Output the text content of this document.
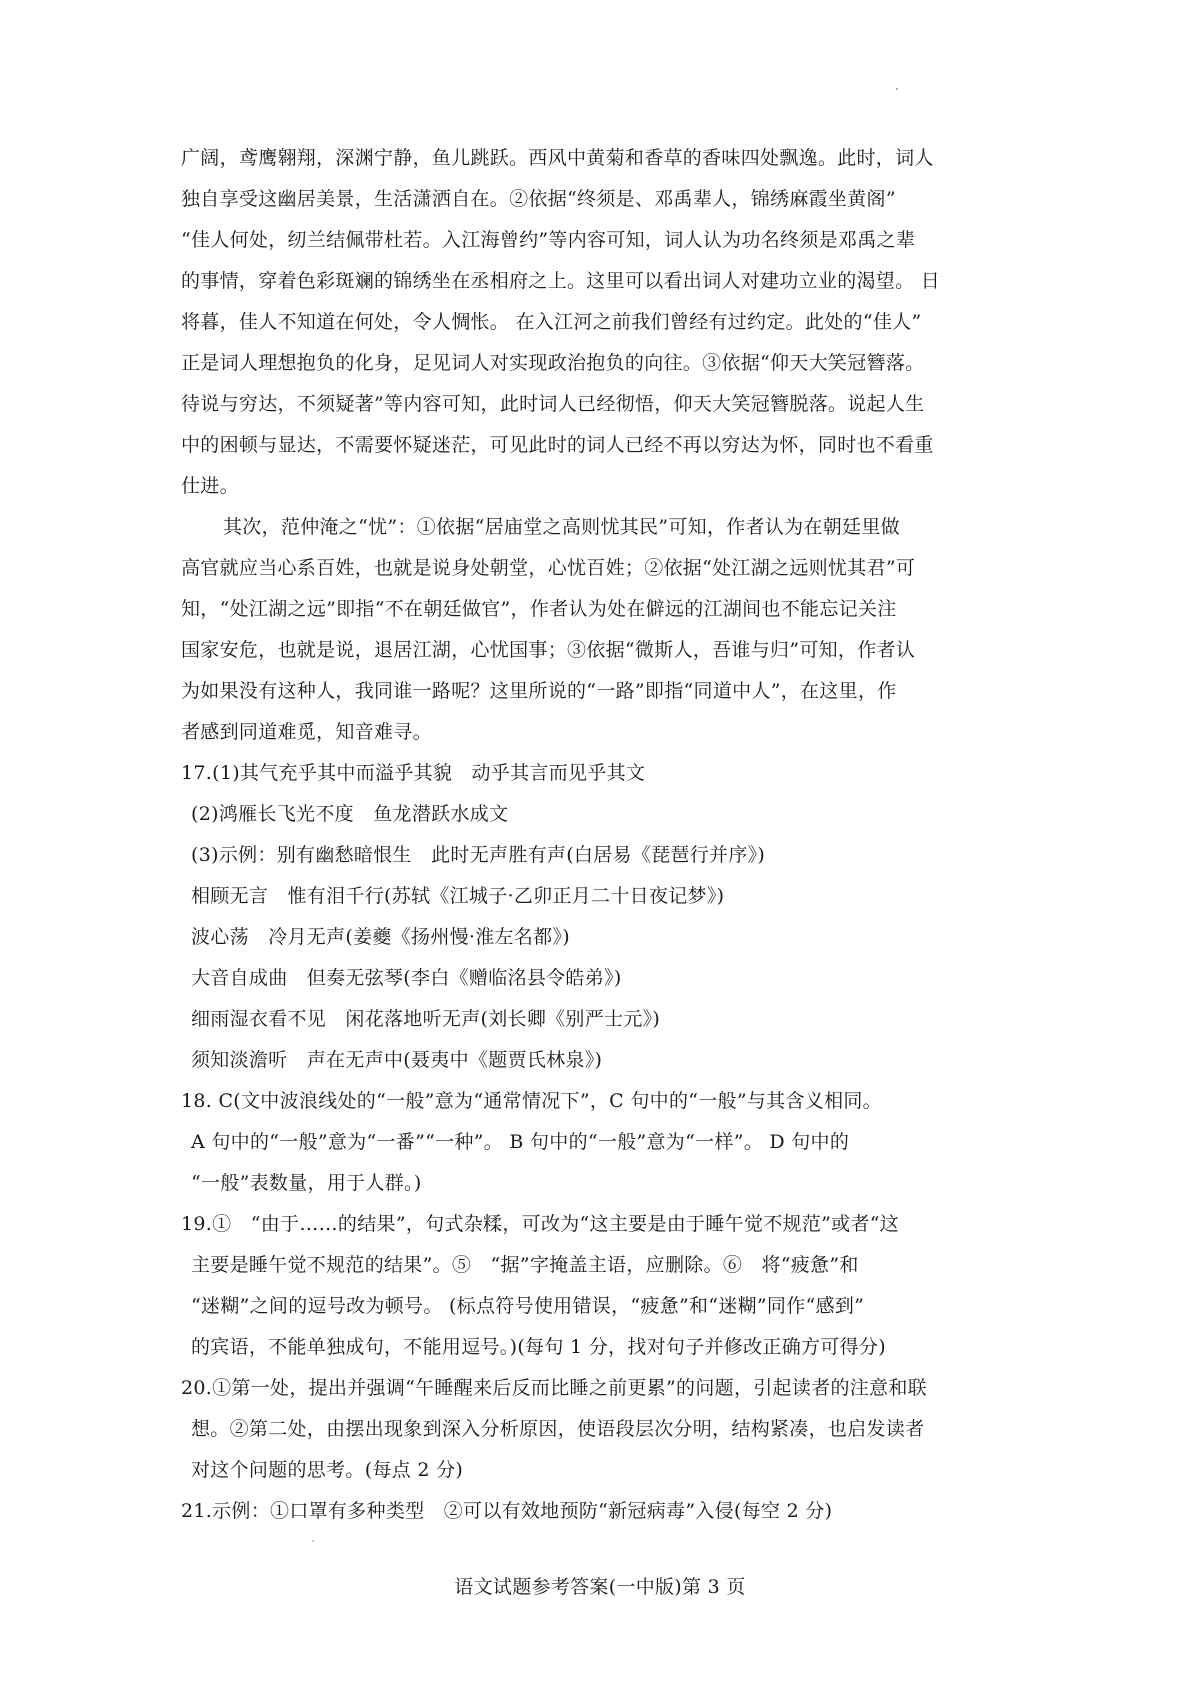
广阔，鸢鹰翱翔，深渊宁静，鱼儿跳跃。西风中黄菊和香草的香味四处飘逸。此时，词人
独自享受这幽居美景，生活潇洒自在。②依据“终须是、邓禹辈人，锦绣麻霞坐黄阁”
“佳人何处，纫兰结佩带杜若。入江海曾约”等内容可知，词人认为功名终须是邓禹之辈
的事情，穿着色彩斑斓的锦绣坐在丞相府之上。这里可以看出词人对建功立业的渴望。 日
将暮，佳人不知道在何处，令人惆怅。 在入江河之前我们曾经有过约定。此处的“佳人”
正是词人理想抱负的化身，足见词人对实现政治抱负的向往。③依据“仰天大笑冠簪落。
待说与穷达，不须疑著”等内容可知，此时词人已经彻悟，仰天大笑冠簪脱落。说起人生
中的困顿与显达，不需要怀疑迷茫，可见此时的词人已经不再以穷达为怀，同时也不看重
仕进。
其次，范仲淹之“忧”：①依据“居庙堂之高则忧其民”可知，作者认为在朝廷里做
高官就应当心系百姓，也就是说身处朝堂，心忧百姓；②依据“处江湖之远则忧其君”可
知，“处江湖之远”即指“不在朝廷做官”，作者认为处在僻远的江湖间也不能忘记关注
国家安危，也就是说，退居江湖，心忧国事；③依据“微斯人，吾谁与归”可知，作者认
为如果没有这种人，我同谁一路呢？这里所说的“一路”即指“同道中人”，在这里，作
者感到同道难觅，知音难寻。
17.(1)其气充乎其中而溢乎其貌　动乎其言而见乎其文
(2)鸿雁长飞光不度　鱼龙潜跃水成文
(3)示例：别有幽愁暗恨生　此时无声胜有声(白居易《琵琶行并序》)
相顾无言　惟有泪千行(苏轼《江城子·乙卯正月二十日夜记梦》)
波心荡　冷月无声(姜夔《扬州慢·淮左名都》)
大音自成曲　但奏无弦琴(李白《赠临洺县令皓弟》)
细雨湿衣看不见　闲花落地听无声(刘长卿《别严士元》)
须知淡澹听　声在无声中(聂夷中《题贾氏林泉》)
18. C(文中波浪线处的“一般”意为“通常情况下”，C 句中的“一般”与其含义相同。
A 句中的“一般”意为“一番”“一种”。 B 句中的“一般”意为“一样”。 D 句中的
“一般”表数量，用于人群。)
19.①　“由于……的结果”，句式杂糅，可改为“这主要是由于睡午觉不规范”或者“这
主要是睡午觉不规范的结果”。⑤　“据”字掩盖主语，应删除。⑥　将“疲惫”和
“迷糊”之间的逗号改为顿号。 (标点符号使用错误，“疲惫”和“迷糊”同作“感到”
的宾语，不能单独成句，不能用逗号。)(每句 1 分，找对句子并修改正确方可得分)
20.①第一处，提出并强调“午睡醒来后反而比睡之前更累”的问题，引起读者的注意和联
想。②第二处，由摆出现象到深入分析原因，使语段层次分明，结构紧凑，也启发读者
对这个问题的思考。(每点 2 分)
21.示例：①口罩有多种类型　②可以有效地预防“新冠病毒”入侵(每空 2 分)
语文试题参考答案(一中版)第 3 页
